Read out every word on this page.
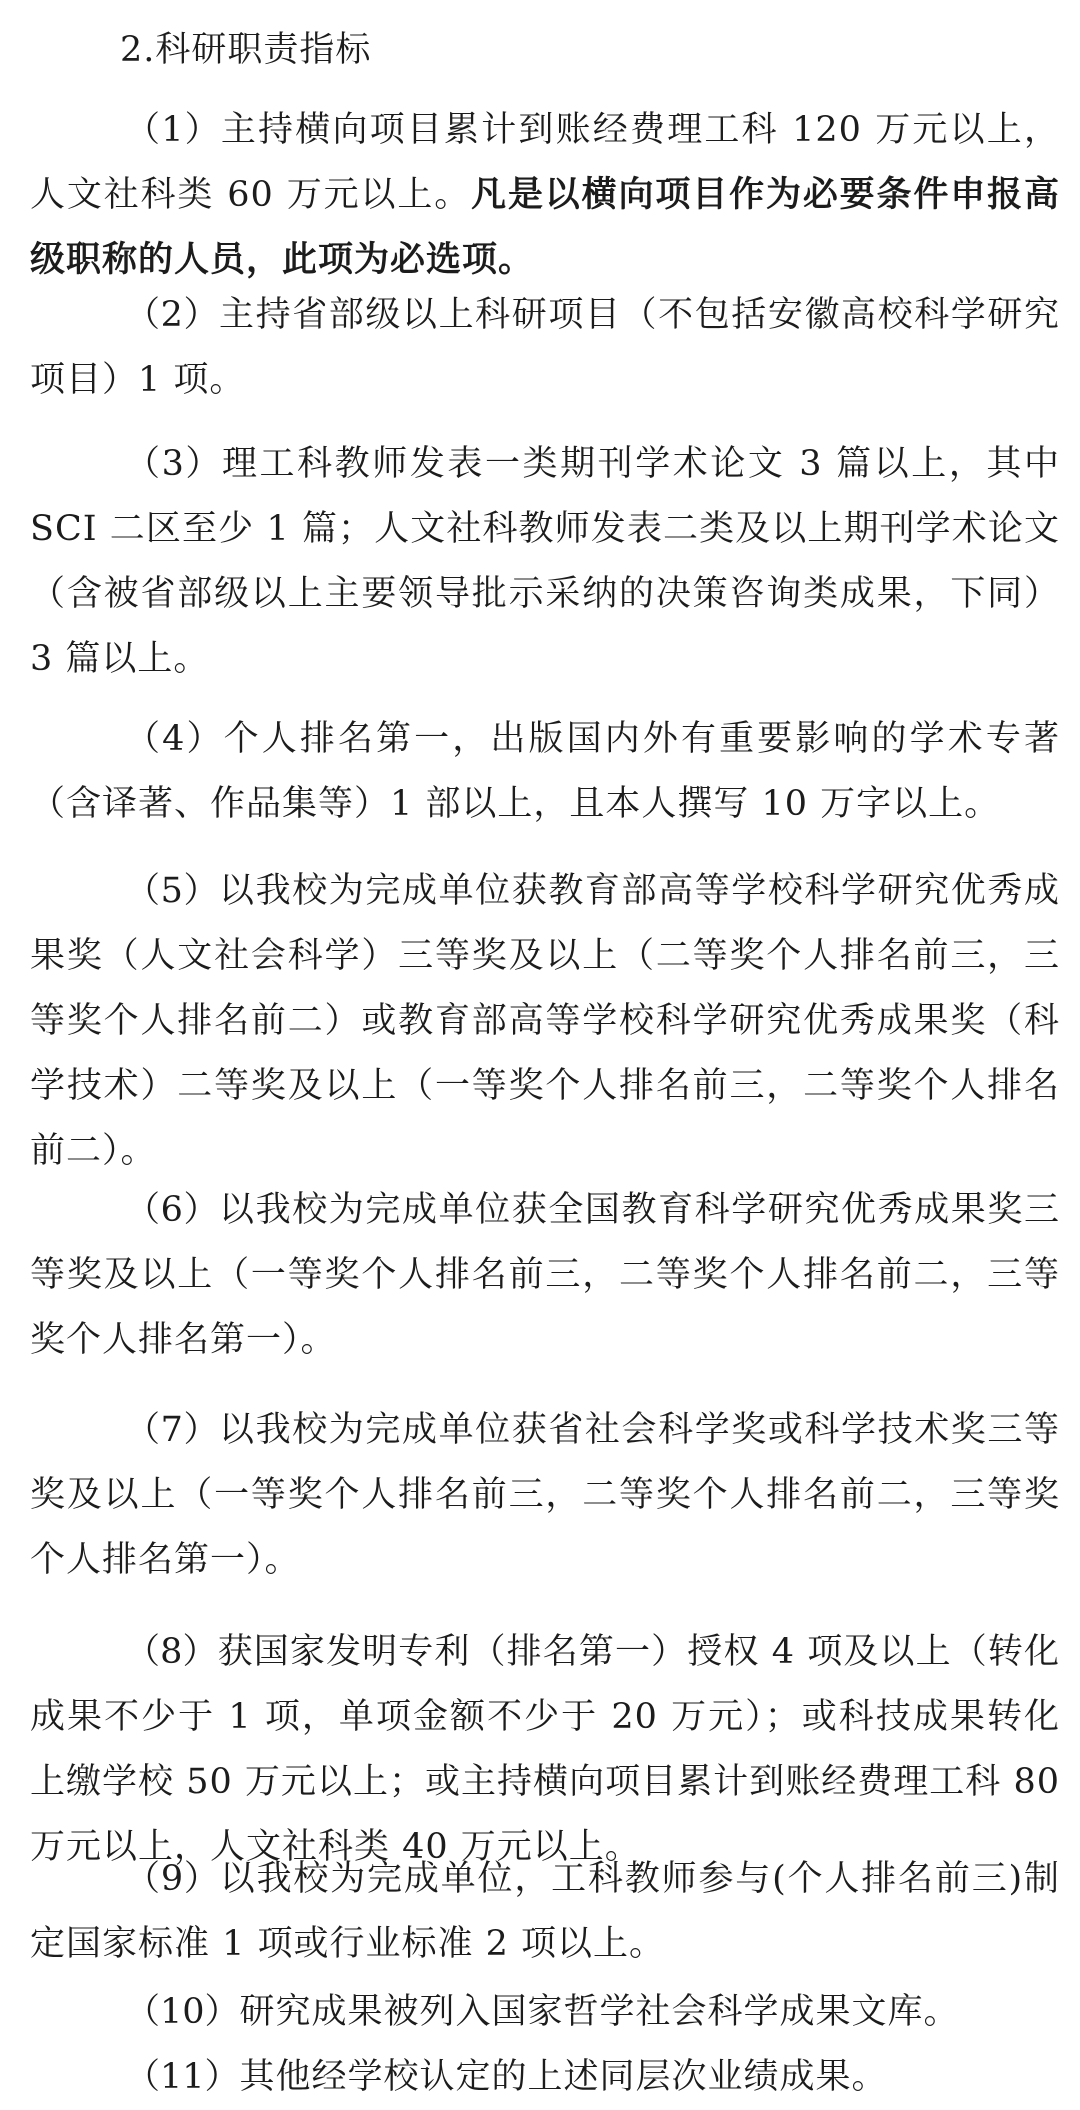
2.科研职责指标

（1）主持横向项目累计到账经费理工科 120 万元以上，人文社科类 60 万元以上。凡是以横向项目作为必要条件申报高级职称的人员，此项为必选项。

（2）主持省部级以上科研项目（不包括安徽高校科学研究项目）1 项。

（3）理工科教师发表一类期刊学术论文 3 篇以上，其中 SCI 二区至少 1 篇；人文社科教师发表二类及以上期刊学术论文（含被省部级以上主要领导批示采纳的决策咨询类成果，下同）3 篇以上。

（4）个人排名第一，出版国内外有重要影响的学术专著（含译著、作品集等）1 部以上，且本人撰写 10 万字以上。

（5）以我校为完成单位获教育部高等学校科学研究优秀成果奖（人文社会科学）三等奖及以上（二等奖个人排名前三，三等奖个人排名前二）或教育部高等学校科学研究优秀成果奖（科学技术）二等奖及以上（一等奖个人排名前三，二等奖个人排名前二）。

（6）以我校为完成单位获全国教育科学研究优秀成果奖三等奖及以上（一等奖个人排名前三，二等奖个人排名前二，三等奖个人排名第一）。

（7）以我校为完成单位获省社会科学奖或科学技术奖三等奖及以上（一等奖个人排名前三，二等奖个人排名前二，三等奖个人排名第一）。

（8）获国家发明专利（排名第一）授权 4 项及以上（转化成果不少于 1 项，单项金额不少于 20 万元）；或科技成果转化上缴学校 50 万元以上；或主持横向项目累计到账经费理工科 80 万元以上，人文社科类 40 万元以上。

（9）以我校为完成单位，工科教师参与(个人排名前三)制定国家标准 1 项或行业标准 2 项以上。

（10）研究成果被列入国家哲学社会科学成果文库。

（11）其他经学校认定的上述同层次业绩成果。
